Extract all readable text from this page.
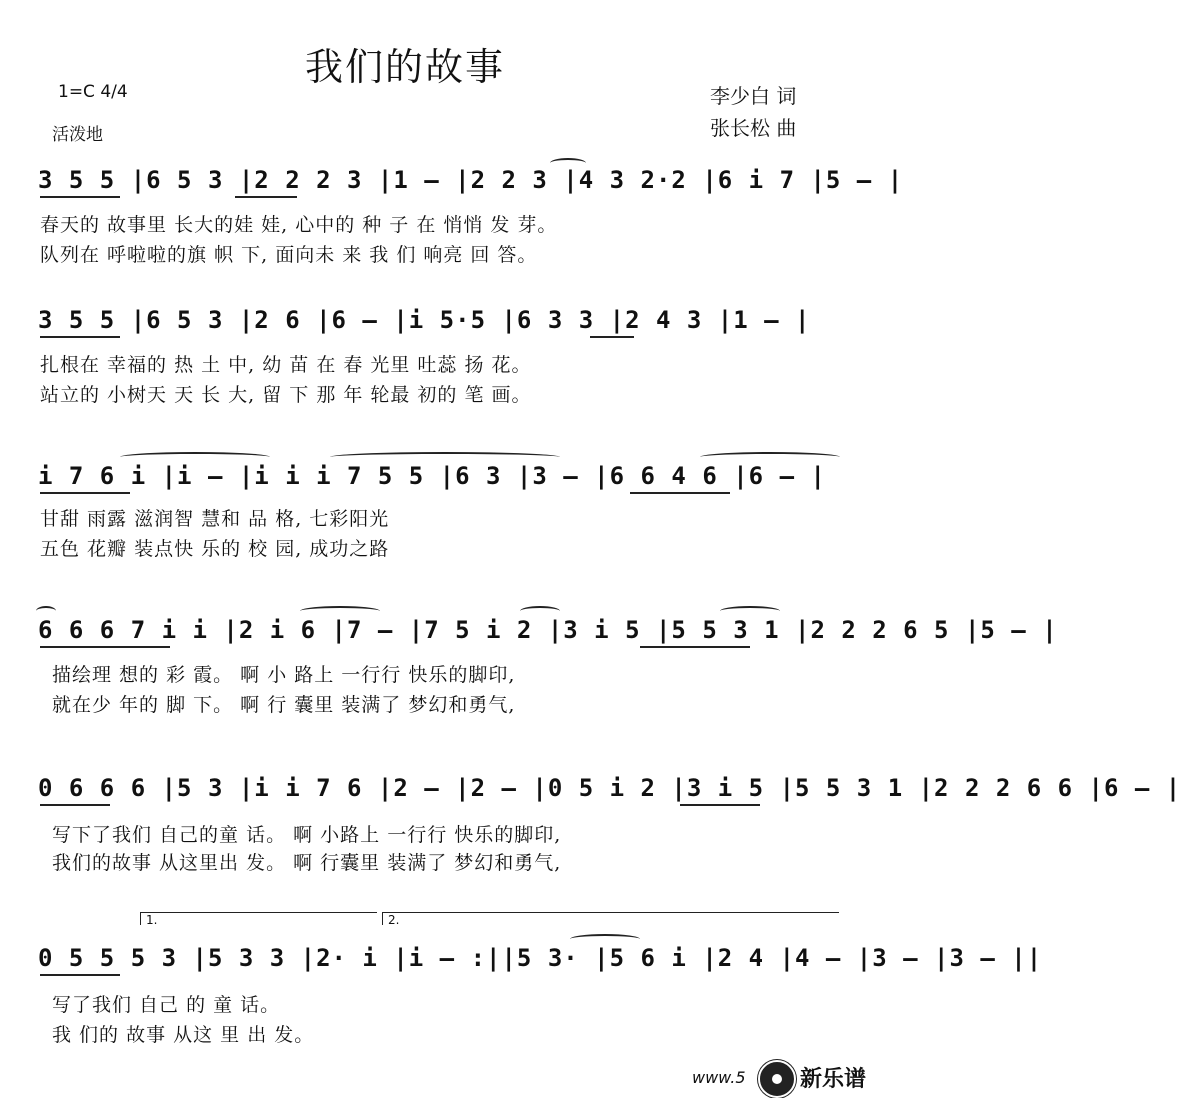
我们的故事
1=C 4/4
活泼地
李少白 词
张长松 曲
3 5 5 |6 5 3 |2 2 2 3 |1 – |2 2 3 |4 3 2·2 |6 i 7 |5 – |
春天的 故事里 长大的娃 娃, 心中的 种 子 在 悄悄 发 芽。
队列在 呼啦啦的旗 帜 下, 面向未 来 我 们 响亮 回 答。
3 5 5 |6 5 3 |2 6 |6 – |i 5·5 |6 3 3 |2 4 3 |1 – |
扎根在 幸福的 热 土 中, 幼 苗 在 春 光里 吐蕊 扬 花。
站立的 小树天 天 长 大, 留 下 那 年 轮最 初的 笔 画。
i 7 6 i |i – |i i i 7 5 5 |6 3 |3 – |6 6 4 6 |6 – |
甘甜 雨露 滋润智 慧和 品 格, 七彩阳光
五色 花瓣 装点快 乐的 校 园, 成功之路
6 6 6 7 i i |2 i 6 |7 – |7 5 i 2 |3 i 5 |5 5 3 1 |2 2 2 6 5 |5 – |
描绘理 想的 彩 霞。 啊 小 路上 一行行 快乐的脚印,
就在少 年的 脚 下。 啊 行 囊里 装满了 梦幻和勇气,
0 6 6 6 |5 3 |i i 7 6 |2 – |2 – |0 5 i 2 |3 i 5 |5 5 3 1 |2 2 2 6 6 |6 – |
写下了我们 自己的童 话。 啊 小路上 一行行 快乐的脚印,
我们的故事 从这里出 发。 啊 行囊里 装满了 梦幻和勇气,
1.	2.
0 5 5 5 3 |5 3 3 |2· i |i – :||5 3· |5 6 i |2 4 |4 – |3 – |3 – ||
写了我们 自己 的 童 话。
我 们的 故事 从这 里 出 发。
www.5 新乐谱
